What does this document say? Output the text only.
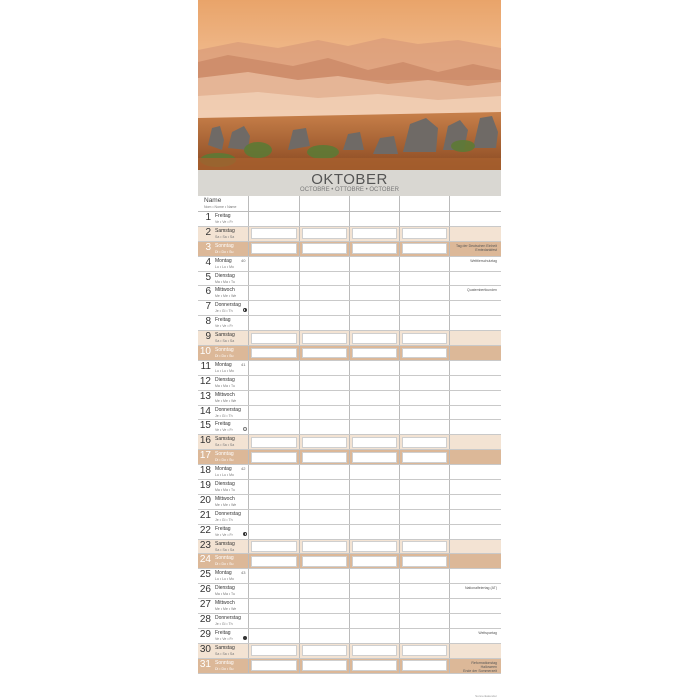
OKTOBER
OCTOBRE • OTTOBRE • OCTOBER
Name
Nom • Nome • Name
1 Freitag
Ve • Ve • Fr
2 Samstag
Sa • Sa • Sa
3 Sonntag
Di • Do • Su
Tag der Deutschen Einheit
Erntedankfest
4 Montag
Lu • Lu • Mo
40	Welttierschutztag
5 Dienstag
Ma • Ma • Tu
6 Mittwoch
Me • Me • We
Quatembertkunden
7 Donnerstag
Je • Gi • Th
8 Freitag
Ve • Ve • Fr
9 Samstag
Sa • Sa • Sa
10 Sonntag
Di • Do • Su
11 Montag
Lu • Lu • Mo
41
12 Dienstag
Ma • Ma • Tu
13 Mittwoch
Me • Me • We
14 Donnerstag
Je • Gi • Th
15 Freitag
Ve • Ve • Fr
16 Samstag
Sa • Sa • Sa
17 Sonntag
Di • Do • Su
18 Montag
Lu • Lu • Mo
42
19 Dienstag
Ma • Ma • Tu
20 Mittwoch
Me • Me • We
21 Donnerstag
Je • Gi • Th
22 Freitag
Ve • Ve • Fr
23 Samstag
Sa • Sa • Sa
24 Sonntag
Di • Do • Su
25 Montag
Lu • Lu • Mo
43
26 Dienstag
Ma • Ma • Tu
Nationalfeiertag (AT)
27 Mittwoch
Me • Me • We
28 Donnerstag
Je • Gi • Th
29 Freitag
Ve • Ve • Fr
Weltspartag
30 Samstag
Sa • Sa • Sa
31 Sonntag
Di • Do • Su
Reformationstag
Halloween
Ende der Sommerzeit
Sonnenkalender
